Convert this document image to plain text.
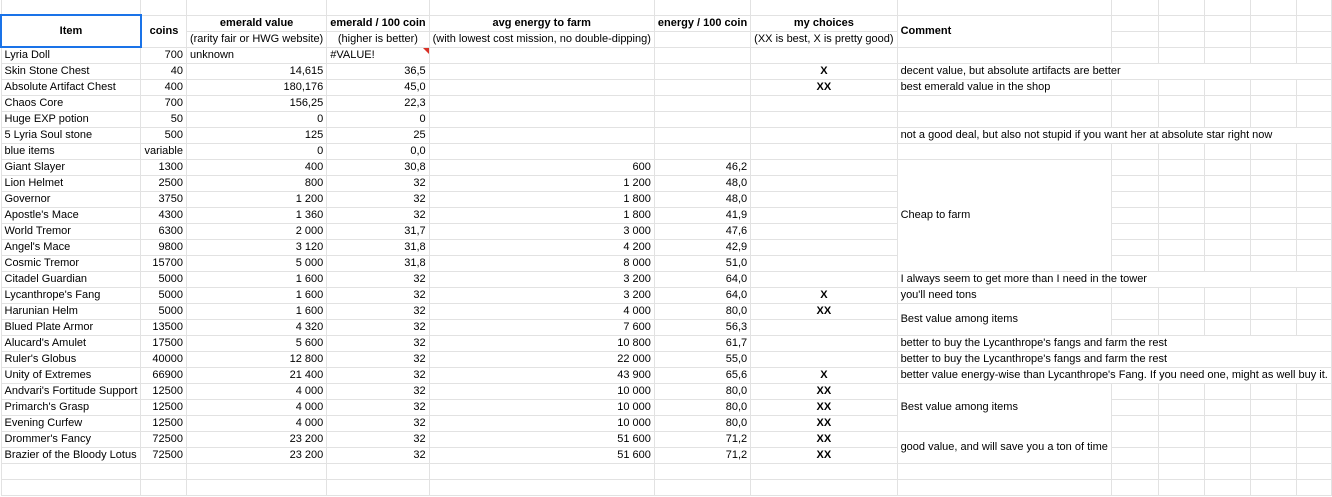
Item	coins	emerald value	emerald / 100 coin	avg energy to farm	energy / 100 coin	my choices	Comment					
		(rarity fair or HWG website)	(higher is better)	(with lowest cost mission, no double-dipping)		(XX is best, X is pretty good)						
Lyria Doll	700	unknown	#VALUE!									
Skin Stone Chest	40	14,615	36,5			X	decent value, but absolute artifacts are better					
Absolute Artifact Chest	400	180,176	45,0			XX	best emerald value in the shop					
Chaos Core	700	156,25	22,3									
Huge EXP potion	50	0	0									
5 Lyria Soul stone	500	125	25				not a good deal, but also not stupid if you want her at absolute star right now					
blue items	variable	0	0,0									
Giant Slayer	1300	400	30,8	600	46,2		Cheap to farm					
Lion Helmet	2500	800	32	1 200	48,0							
Governor	3750	1 200	32	1 800	48,0							
Apostle's Mace	4300	1 360	32	1 800	41,9							
World Tremor	6300	2 000	31,7	3 000	47,6							
Angel's Mace	9800	3 120	31,8	4 200	42,9							
Cosmic Tremor	15700	5 000	31,8	8 000	51,0							
Citadel Guardian	5000	1 600	32	3 200	64,0		I always seem to get more than I need in the tower					
Lycanthrope's Fang	5000	1 600	32	3 200	64,0	X	you'll need tons					
Harunian Helm	5000	1 600	32	4 000	80,0	XX	Best value among items					
Blued Plate Armor	13500	4 320	32	7 600	56,3							
Alucard's Amulet	17500	5 600	32	10 800	61,7		better to buy the Lycanthrope's fangs and farm the rest					
Ruler's Globus	40000	12 800	32	22 000	55,0		better to buy the Lycanthrope's fangs and farm the rest					
Unity of Extremes	66900	21 400	32	43 900	65,6	X	better value energy-wise than Lycanthrope's Fang. If you need one, might as well buy it.					
Andvari's Fortitude Support	12500	4 000	32	10 000	80,0	XX	Best value among items					
Primarch's Grasp	12500	4 000	32	10 000	80,0	XX						
Evening Curfew	12500	4 000	32	10 000	80,0	XX						
Drommer's Fancy	72500	23 200	32	51 600	71,2	XX	good value, and will save you a ton of time					
Brazier of the Bloody Lotus	72500	23 200	32	51 600	71,2	XX						
